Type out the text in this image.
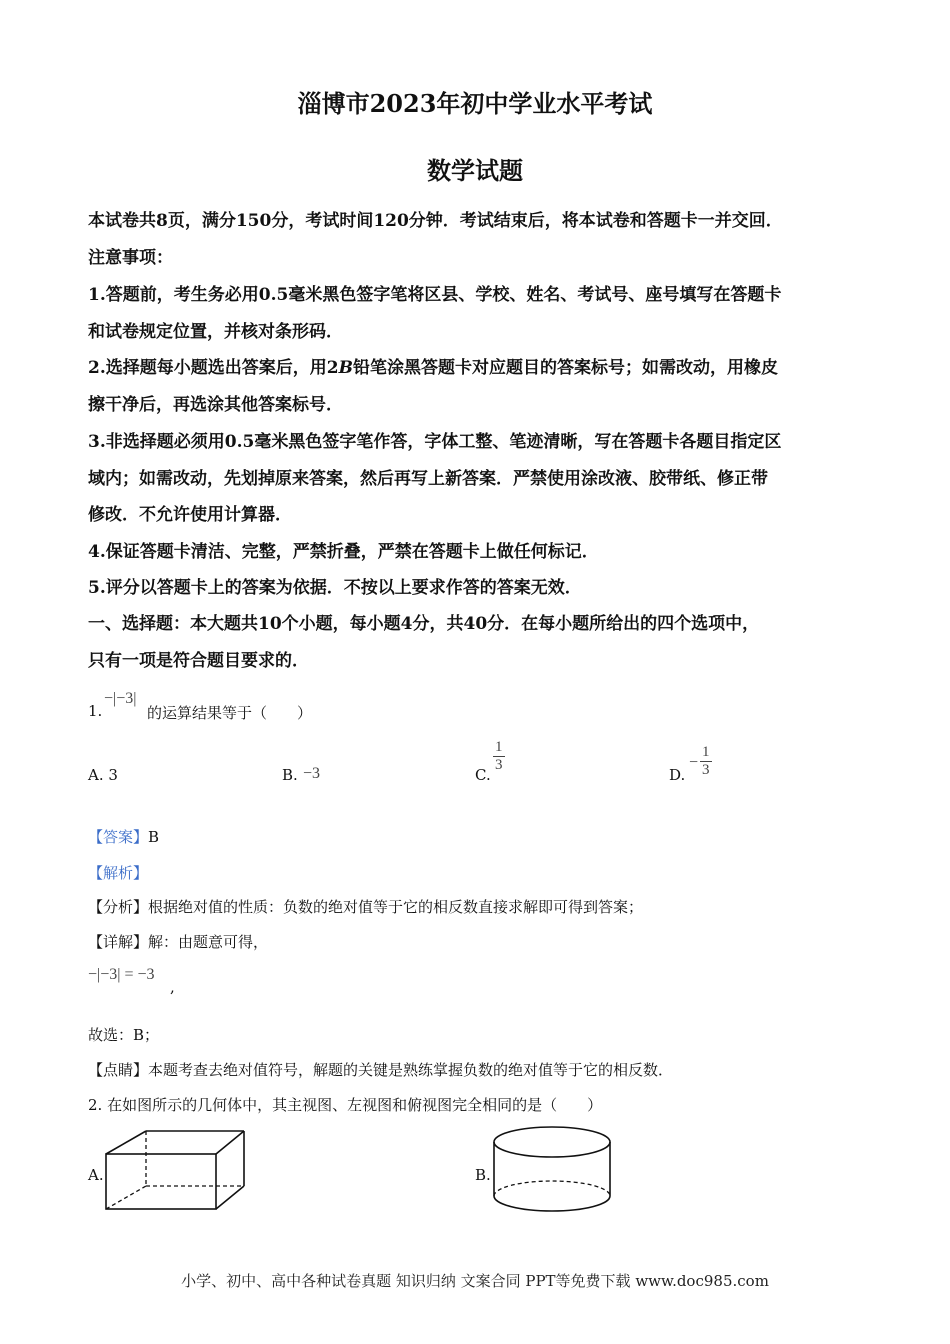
淄博市2023年初中学业水平考试
数学试题
本试卷共8页，满分150分，考试时间120分钟．考试结束后，将本试卷和答题卡一并交回．
注意事项：
1.答题前，考生务必用0.5毫米黑色签字笔将区县、学校、姓名、考试号、座号填写在答题卡
和试卷规定位置，并核对条形码．
2.选择题每小题选出答案后，用2B铅笔涂黑答题卡对应题目的答案标号；如需改动，用橡皮
擦干净后，再选涂其他答案标号．
3.非选择题必须用0.5毫米黑色签字笔作答，字体工整、笔迹清晰，写在答题卡各题目指定区
域内；如需改动，先划掉原来答案，然后再写上新答案．严禁使用涂改液、胶带纸、修正带
修改．不允许使用计算器．
4.保证答题卡清洁、完整，严禁折叠，严禁在答题卡上做任何标记．
5.评分以答题卡上的答案为依据．不按以上要求作答的答案无效．
一、选择题：本大题共10个小题，每小题4分，共40分．在每小题所给出的四个选项中，
只有一项是符合题目要求的．
1.
−|−3|
的运算结果等于（　　）
A. 3	B. −3	C.
$\frac{1}{3}$
D.
− $\frac{1}{3}$
【答案】B
【解析】
【分析】根据绝对值的性质：负数的绝对值等于它的相反数直接求解即可得到答案；
【详解】解：由题意可得，
−|−3| = −3
,
故选：B；
【点睛】本题考查去绝对值符号，解题的关键是熟练掌握负数的绝对值等于它的相反数．
2. 在如图所示的几何体中，其主视图、左视图和俯视图完全相同的是（　　）
A.	B.
小学、初中、高中各种试卷真题 知识归纳 文案合同 PPT等免费下载 www.doc985.com
